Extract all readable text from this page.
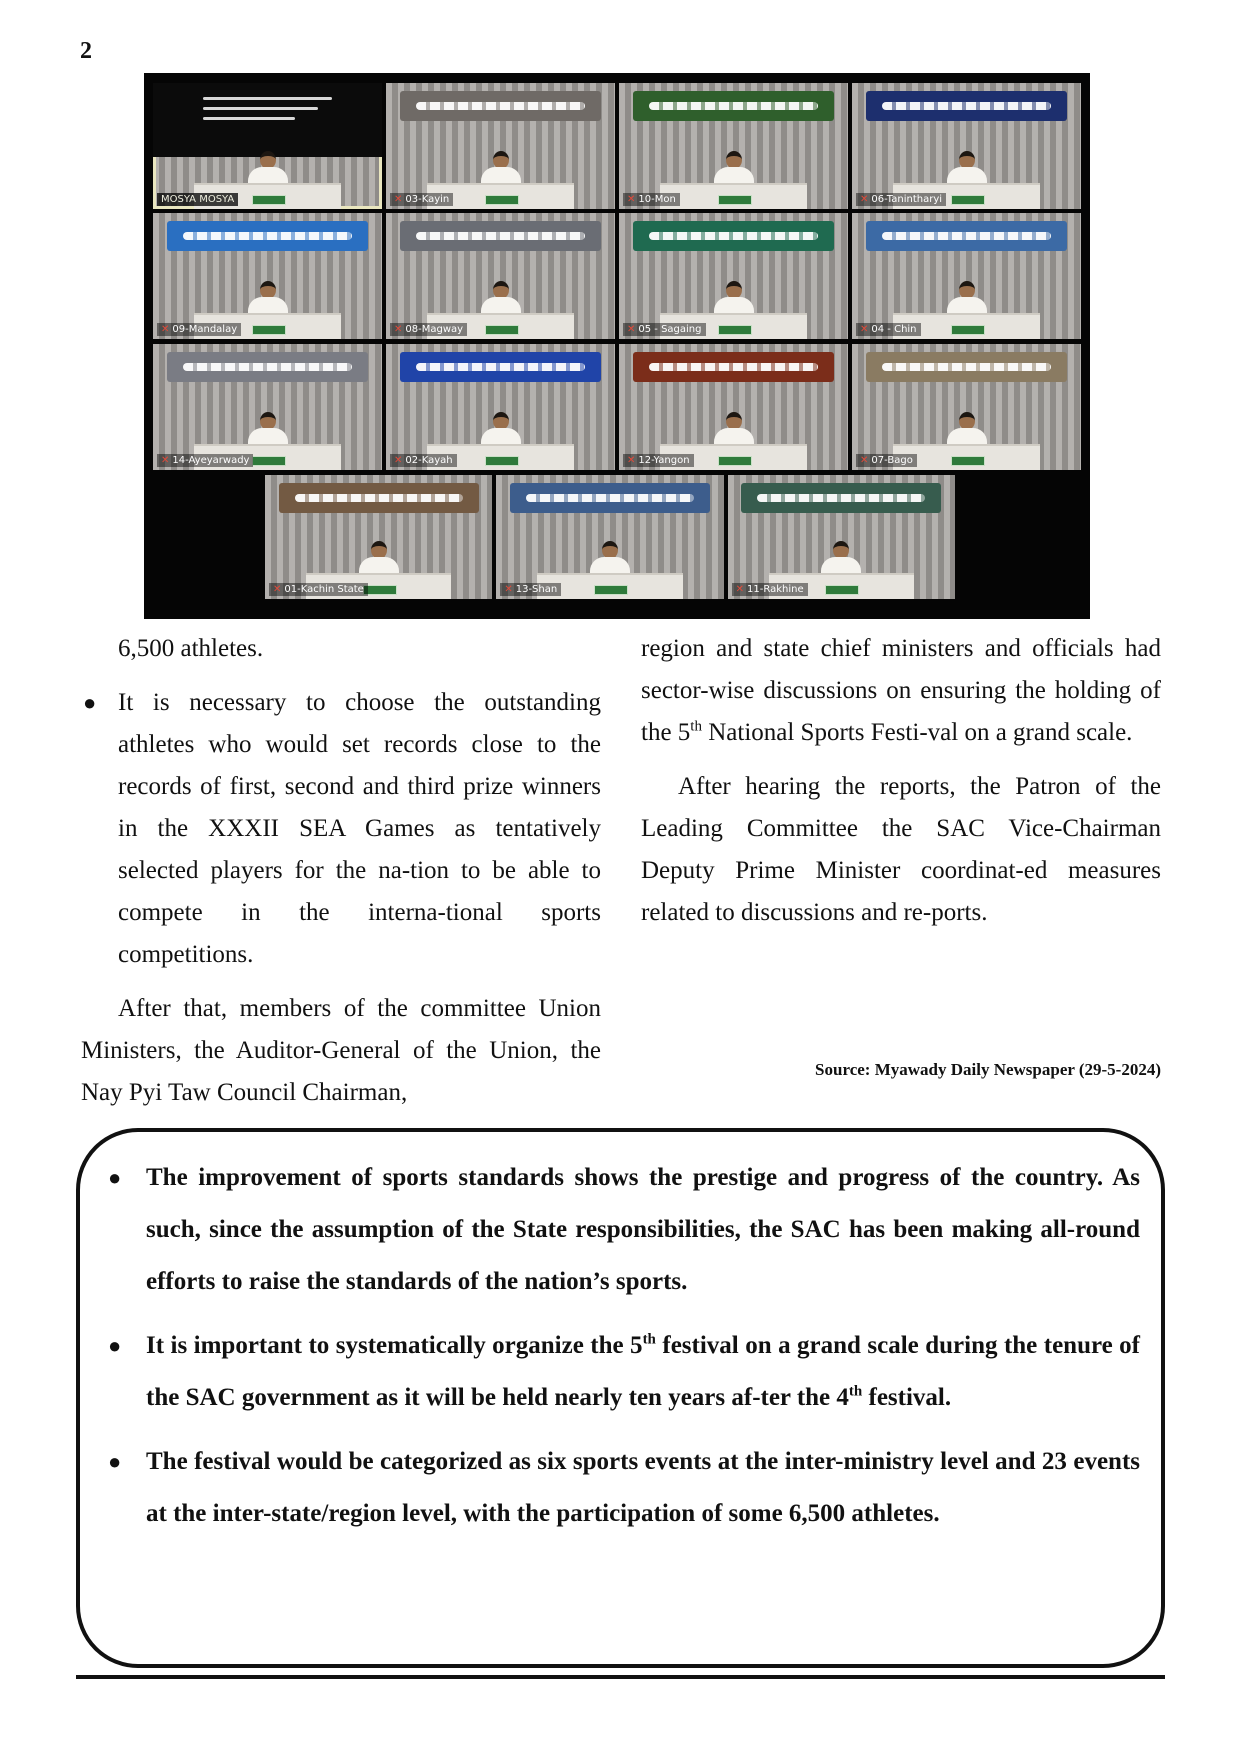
2
MOSYA MOSYA	✕ 03-Kayin	✕ 10-Mon	✕ 06-Tanintharyi
✕ 09-Mandalay	✕ 08-Magway	✕ 05 - Sagaing	✕ 04 - Chin
✕ 14-Ayeyarwady	✕ 02-Kayah	✕ 12-Yangon	✕ 07-Bago
✕ 01-Kachin State	✕ 13-Shan	✕ 11-Rakhine

6,500 athletes.

● It is necessary to choose the outstanding athletes who would set records close to the records of first, second and third prize winners in the XXXII SEA Games as tentatively selected players for the na-tion to be able to compete in the interna-tional sports competitions.

After that, members of the committee Union Ministers, the Auditor-General of the Union, the Nay Pyi Taw Council Chairman,

region and state chief ministers and officials had sector-wise discussions on ensuring the holding of the 5th National Sports Festi-val on a grand scale.

After hearing the reports, the Patron of the Leading Committee the SAC Vice-Chairman Deputy Prime Minister coordinat-ed measures related to discussions and re-ports.

Source: Myawady Daily Newspaper (29-5-2024)
● The improvement of sports standards shows the prestige and progress of the country. As such, since the assumption of the State responsibilities, the SAC has been making all-round efforts to raise the standards of the nation’s sports.
● It is important to systematically organize the 5th festival on a grand scale during the tenure of the SAC government as it will be held nearly ten years af-ter the 4th festival.
● The festival would be categorized as six sports events at the inter-ministry level and 23 events at the inter-state/region level, with the participation of some 6,500 athletes.
